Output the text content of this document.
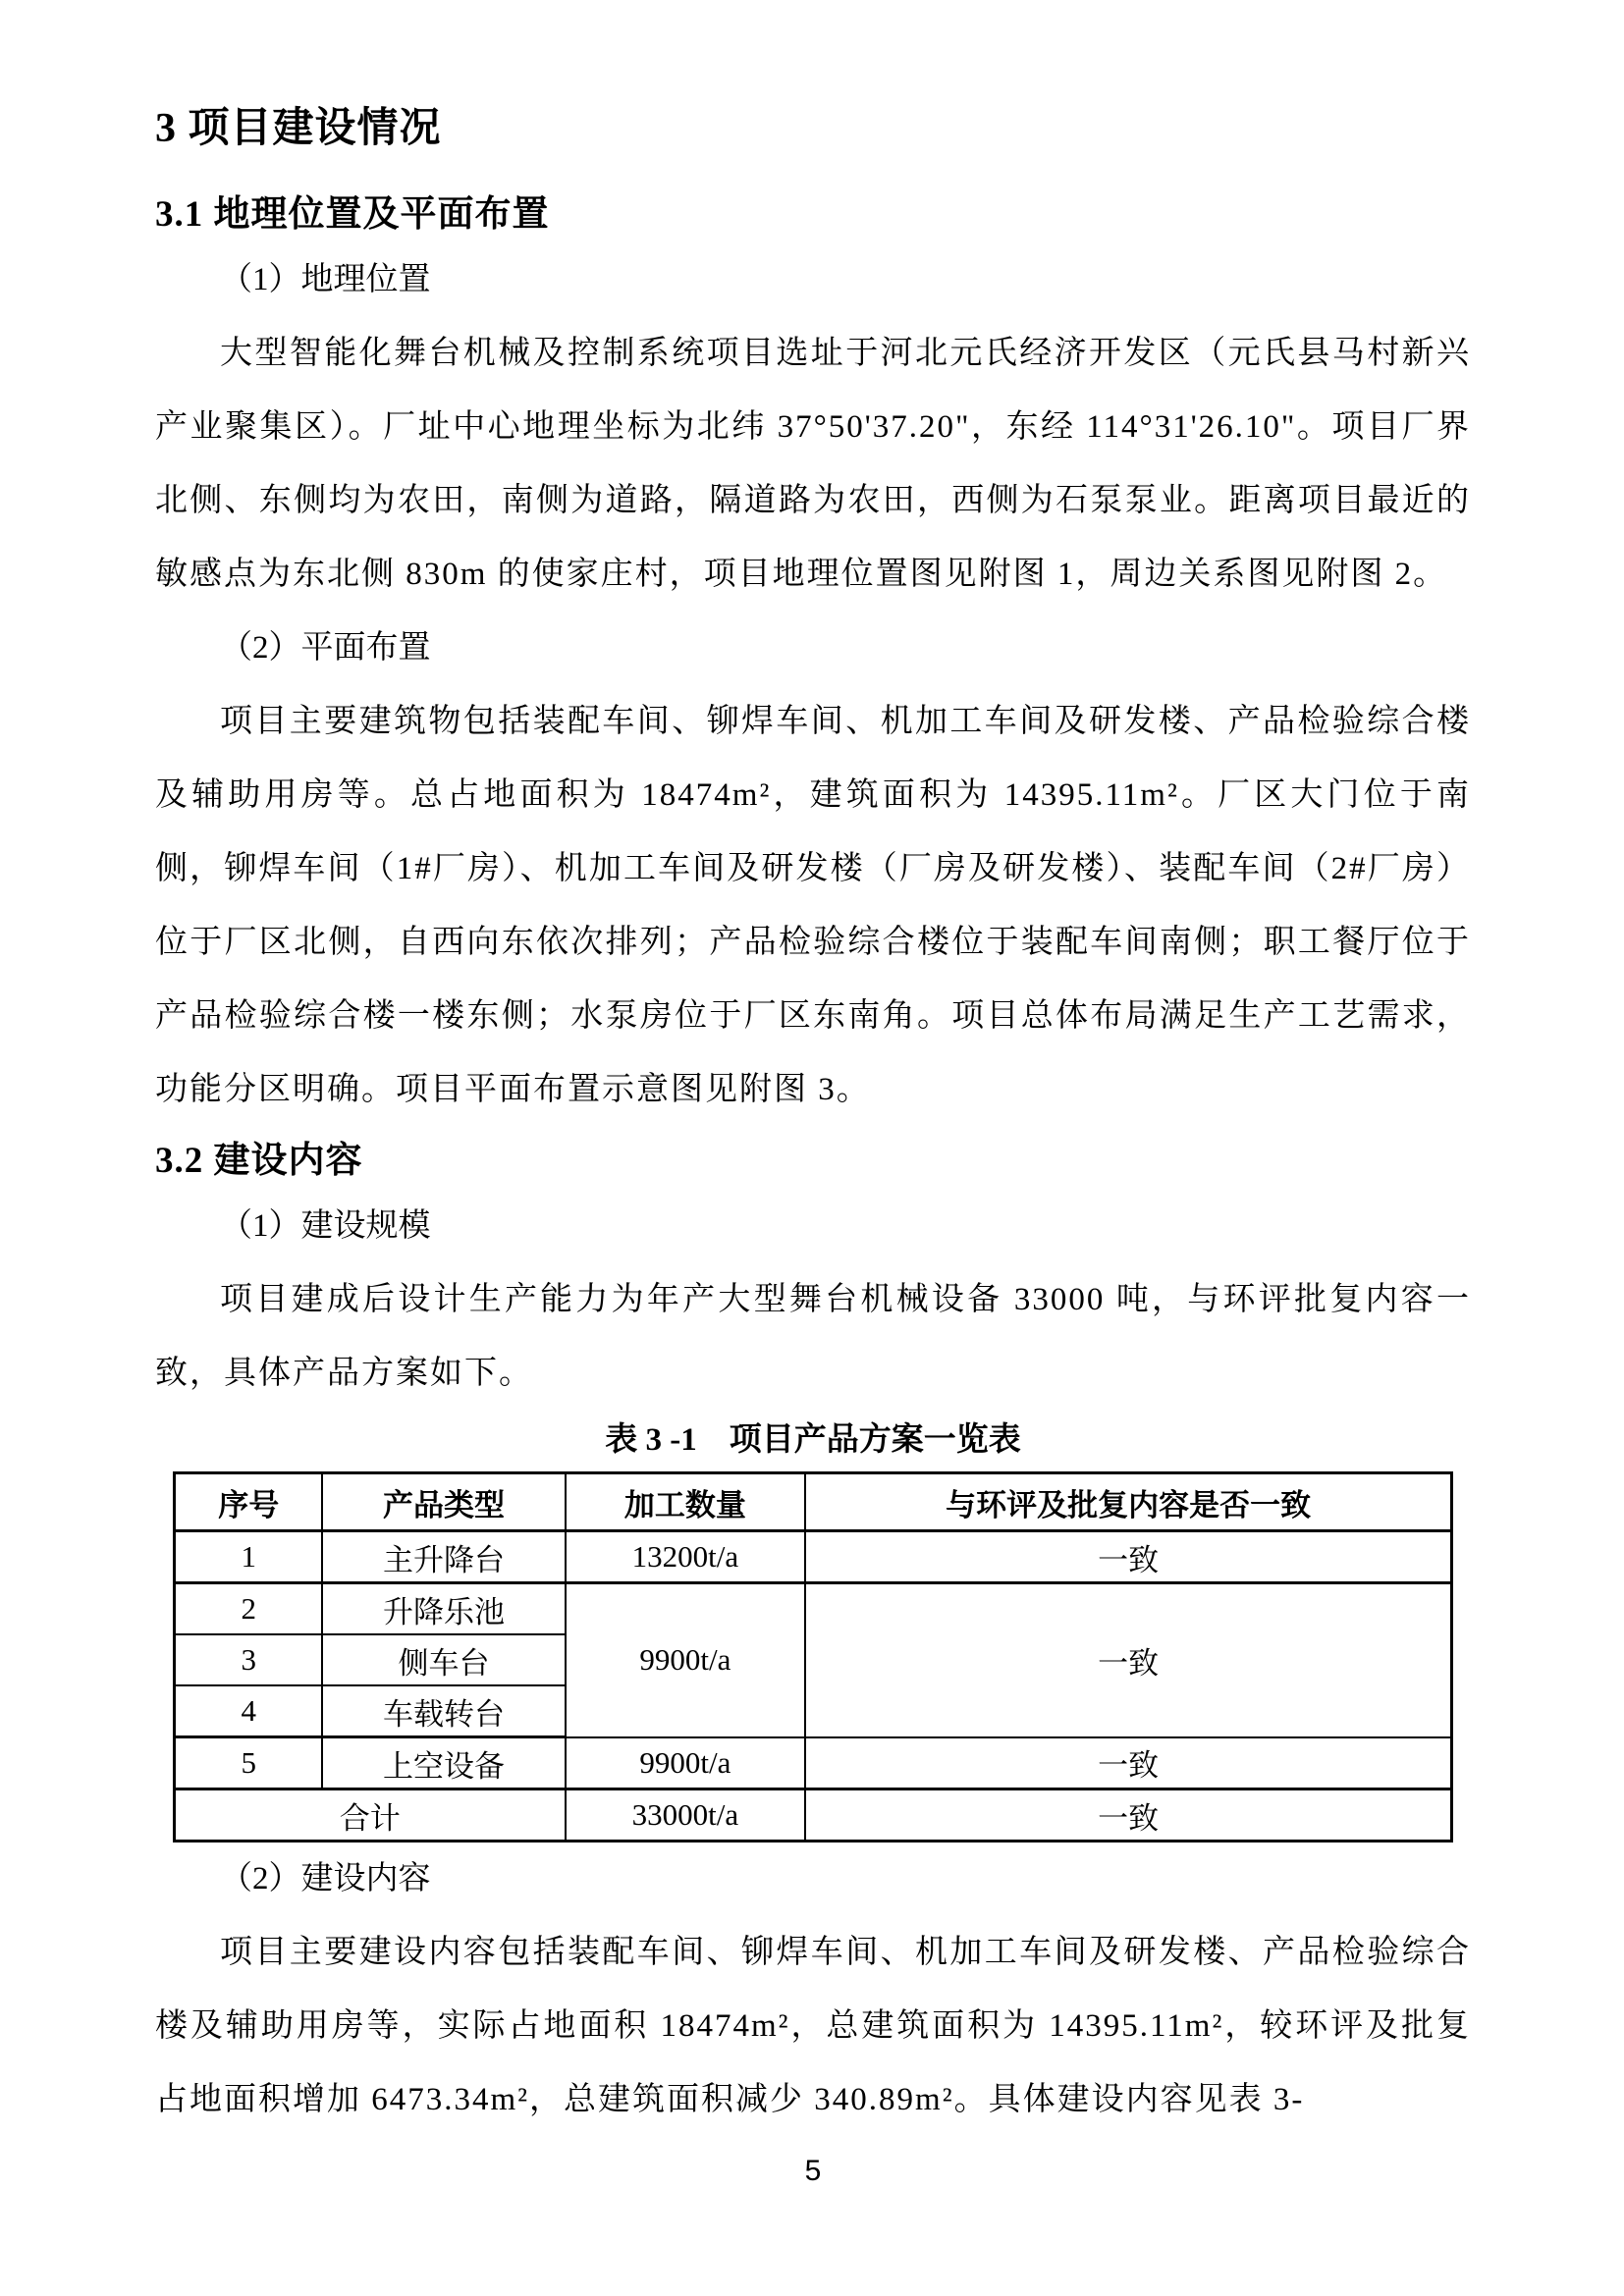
3 项目建设情况
3.1 地理位置及平面布置

（1）地理位置

大型智能化舞台机械及控制系统项目选址于河北元氏经济开发区（元氏县马村新兴产业聚集区）。厂址中心地理坐标为北纬 37°50'37.20"，东经 114°31'26.10"。项目厂界北侧、东侧均为农田，南侧为道路，隔道路为农田，西侧为石泵泵业。距离项目最近的敏感点为东北侧 830m 的使家庄村，项目地理位置图见附图 1，周边关系图见附图 2。

（2）平面布置

项目主要建筑物包括装配车间、铆焊车间、机加工车间及研发楼、产品检验综合楼及辅助用房等。总占地面积为 18474m²，建筑面积为 14395.11m²。厂区大门位于南侧，铆焊车间（1#厂房）、机加工车间及研发楼（厂房及研发楼）、装配车间（2#厂房）位于厂区北侧，自西向东依次排列；产品检验综合楼位于装配车间南侧；职工餐厅位于产品检验综合楼一楼东侧；水泵房位于厂区东南角。项目总体布局满足生产工艺需求，功能分区明确。项目平面布置示意图见附图 3。

3.2 建设内容

（1）建设规模

项目建成后设计生产能力为年产大型舞台机械设备 33000 吨，与环评批复内容一致，具体产品方案如下。

表 3 -1　项目产品方案一览表

序号	产品类型	加工数量	与环评及批复内容是否一致
1	主升降台	13200t/a	一致
2	升降乐池	9900t/a	一致
3	侧车台		
4	车载转台		
5	上空设备	9900t/a	一致
合计		33000t/a	一致

（2）建设内容

项目主要建设内容包括装配车间、铆焊车间、机加工车间及研发楼、产品检验综合楼及辅助用房等，实际占地面积 18474m²，总建筑面积为 14395.11m²，较环评及批复占地面积增加 6473.34m²，总建筑面积减少 340.89m²。具体建设内容见表 3-

5
